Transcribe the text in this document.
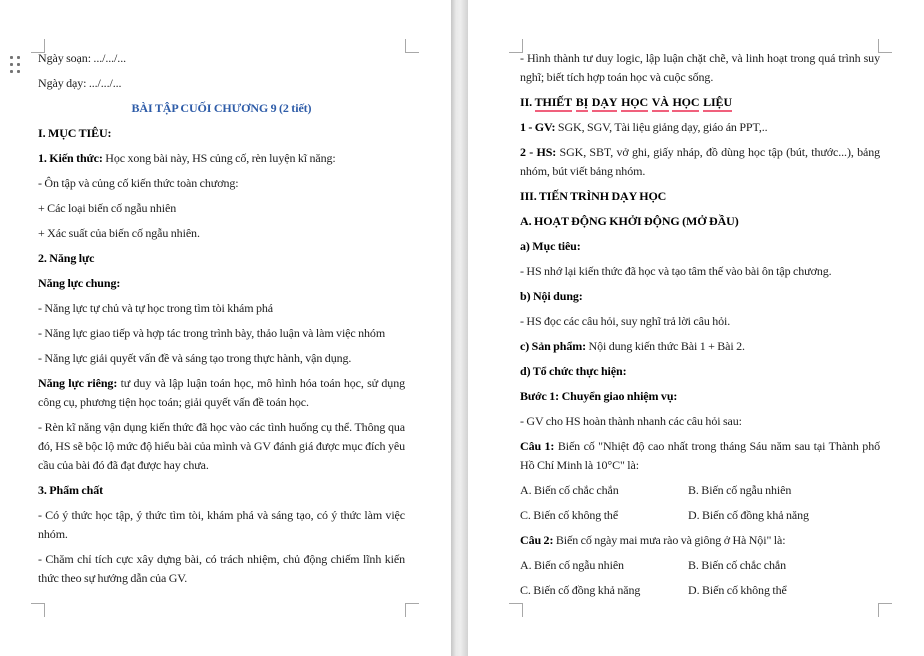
Ngày soạn: .../.../...

Ngày dạy: .../.../...

BÀI TẬP CUỐI CHƯƠNG 9 (2 tiết)

I. MỤC TIÊU:

1. Kiến thức: Học xong bài này, HS củng cố, rèn luyện kĩ năng:

- Ôn tập và củng cố kiến thức toàn chương:

+ Các loại biến cố ngẫu nhiên

+ Xác suất của biến cố ngẫu nhiên.

2. Năng lực

Năng lực chung:

- Năng lực tự chủ và tự học trong tìm tòi khám phá

- Năng lực giao tiếp và hợp tác trong trình bày, thảo luận và làm việc nhóm

- Năng lực giải quyết vấn đề và sáng tạo trong thực hành, vận dụng.

Năng lực riêng: tư duy và lập luận toán học, mô hình hóa toán học, sử dụng công cụ, phương tiện học toán; giải quyết vấn đề toán học.

- Rèn kĩ năng vận dụng kiến thức đã học vào các tình huống cụ thể. Thông qua đó, HS sẽ bộc lộ mức độ hiểu bài của mình và GV đánh giá được mục đích yêu cầu của bài đó đã đạt được hay chưa.

3. Phẩm chất

- Có ý thức học tập, ý thức tìm tòi, khám phá và sáng tạo, có ý thức làm việc nhóm.

- Chăm chỉ tích cực xây dựng bài, có trách nhiệm, chủ động chiếm lĩnh kiến thức theo sự hướng dẫn của GV.

- Hình thành tư duy logic, lập luận chặt chẽ, và linh hoạt trong quá trình suy nghĩ; biết tích hợp toán học và cuộc sống.

II. THIẾT BỊ DẠY HỌC VÀ HỌC LIỆU

1 - GV: SGK, SGV, Tài liệu giảng dạy, giáo án PPT,..

2 - HS: SGK, SBT, vở ghi, giấy nháp, đồ dùng học tập (bút, thước...), bảng nhóm, bút viết bảng nhóm.

III. TIẾN TRÌNH DẠY HỌC

A. HOẠT ĐỘNG KHỞI ĐỘNG (MỞ ĐẦU)

a) Mục tiêu:

- HS nhớ lại kiến thức đã học và tạo tâm thế vào bài ôn tập chương.

b) Nội dung:

- HS đọc các câu hỏi, suy nghĩ trả lời câu hỏi.

c) Sản phẩm: Nội dung kiến thức Bài 1 + Bài 2.

d) Tổ chức thực hiện:

Bước 1: Chuyển giao nhiệm vụ:

- GV cho HS hoàn thành nhanh các câu hỏi sau:

Câu 1: Biến cố "Nhiệt độ cao nhất trong tháng Sáu năm sau tại Thành phố Hồ Chí Minh là 10°C" là:

A. Biến cố chắc chắn	B. Biến cố ngẫu nhiên

C. Biến cố không thể	D. Biến cố đồng khả năng

Câu 2: Biến cố ngày mai mưa rào và giông ở Hà Nội" là:

A. Biến cố ngẫu nhiên	B. Biến cố chắc chắn

C. Biến cố đồng khả năng	D. Biến cố không thể
